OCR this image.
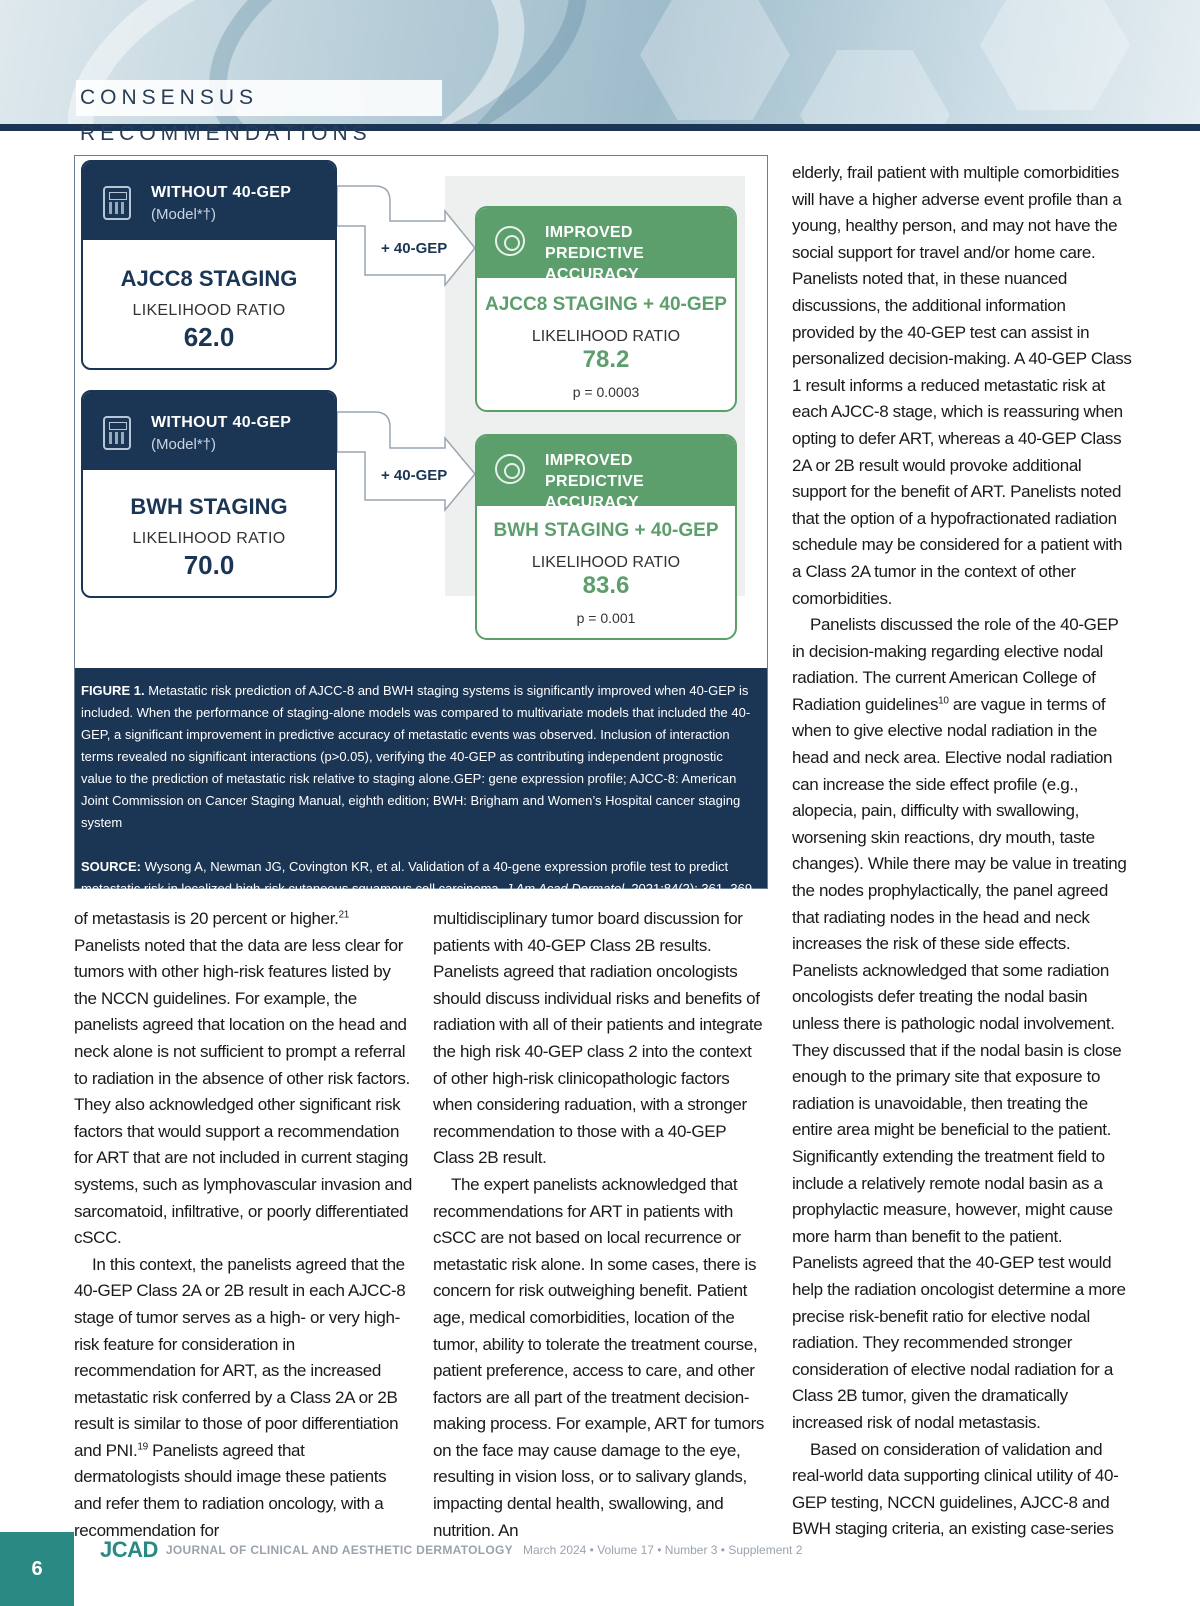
CONSENSUS RECOMMENDATIONS
+ 40-GEP
+ 40-GEP
WITHOUT 40-GEP
(Model*†)
AJCC8 STAGING
LIKELIHOOD RATIO
62.0
IMPROVED PREDICTIVE
ACCURACY
AJCC8 STAGING + 40-GEP
LIKELIHOOD RATIO
78.2
p = 0.0003
WITHOUT 40-GEP
(Model*†)
BWH STAGING
LIKELIHOOD RATIO
70.0
IMPROVED PREDICTIVE
ACCURACY
BWH STAGING + 40-GEP
LIKELIHOOD RATIO
83.6
p = 0.001
FIGURE 1. Metastatic risk prediction of AJCC-8 and BWH staging systems is significantly improved when 40-GEP is included. When the performance of staging-alone models was compared to multivariate models that included the 40-GEP, a significant improvement in predictive accuracy of metastatic events was observed. Inclusion of interaction terms revealed no significant interactions (p>0.05), verifying the 40-GEP as contributing independent prognostic value to the prediction of metastatic risk relative to staging alone.GEP: gene expression profile; AJCC-8: American Joint Commission on Cancer Staging Manual, eighth edition; BWH: Brigham and Women’s Hospital cancer staging system
SOURCE: Wysong A, Newman JG, Covington KR, et al. Validation of a 40-gene expression profile test to predict metastatic risk in localized high-risk cutaneous squamous cell carcinoma. J Am Acad Dermatol. 2021;84(2): 361–369.

of metastasis is 20 percent or higher.$^{21}$ Panelists noted that the data are less clear for tumors with other high-risk features listed by the NCCN guidelines. For example, the panelists agreed that location on the head and neck alone is not sufficient to prompt a referral to radiation in the absence of other risk factors. They also acknowledged other significant risk factors that would support a recommendation for ART that are not included in current staging systems, such as lymphovascular invasion and sarcomatoid, infiltrative, or poorly differentiated cSCC.

In this context, the panelists agreed that the 40-GEP Class 2A or 2B result in each AJCC-8 stage of tumor serves as a high- or very high-risk feature for consideration in recommendation for ART, as the increased metastatic risk conferred by a Class 2A or 2B result is similar to those of poor differentiation and PNI.$^{19}$ Panelists agreed that dermatologists should image these patients and refer them to radiation oncology, with a recommendation for

multidisciplinary tumor board discussion for patients with 40-GEP Class 2B results. Panelists agreed that radiation oncologists should discuss individual risks and benefits of radiation with all of their patients and integrate the high risk 40-GEP class 2 into the context of other high-risk clinicopathologic factors when considering raduation, with a stronger recommendation to those with a 40-GEP Class 2B result.

The expert panelists acknowledged that recommendations for ART in patients with cSCC are not based on local recurrence or metastatic risk alone. In some cases, there is concern for risk outweighing benefit. Patient age, medical comorbidities, location of the tumor, ability to tolerate the treatment course, patient preference, access to care, and other factors are all part of the treatment decision-making process. For example, ART for tumors on the face may cause damage to the eye, resulting in vision loss, or to salivary glands, impacting dental health, swallowing, and nutrition. An

elderly, frail patient with multiple comorbidities will have a higher adverse event profile than a young, healthy person, and may not have the social support for travel and/or home care. Panelists noted that, in these nuanced discussions, the additional information provided by the 40-GEP test can assist in personalized decision-making. A 40-GEP Class 1 result informs a reduced metastatic risk at each AJCC-8 stage, which is reassuring when opting to defer ART, whereas a 40-GEP Class 2A or 2B result would provoke additional support for the benefit of ART. Panelists noted that the option of a hypofractionated radiation schedule may be considered for a patient with a Class 2A tumor in the context of other comorbidities.

Panelists discussed the role of the 40-GEP in decision-making regarding elective nodal radiation. The current American College of Radiation guidelines$^{10}$ are vague in terms of when to give elective nodal radiation in the head and neck area. Elective nodal radiation can increase the side effect profile (e.g., alopecia, pain, difficulty with swallowing, worsening skin reactions, dry mouth, taste changes). While there may be value in treating the nodes prophylactically, the panel agreed that radiating nodes in the head and neck increases the risk of these side effects. Panelists acknowledged that some radiation oncologists defer treating the nodal basin unless there is pathologic nodal involvement. They discussed that if the nodal basin is close enough to the primary site that exposure to radiation is unavoidable, then treating the entire area might be beneficial to the patient. Significantly extending the treatment field to include a relatively remote nodal basin as a prophylactic measure, however, might cause more harm than benefit to the patient. Panelists agreed that the 40-GEP test would help the radiation oncologist determine a more precise risk-benefit ratio for elective nodal radiation. They recommended stronger consideration of elective nodal radiation for a Class 2B tumor, given the dramatically increased risk of nodal metastasis.

Based on consideration of validation and real-world data supporting clinical utility of 40-GEP testing, NCCN guidelines, AJCC-8 and BWH staging criteria, an existing case-series

6
JCAD JOURNAL OF CLINICAL AND AESTHETIC DERMATOLOGY March 2024 • Volume 17 • Number 3 • Supplement 2
